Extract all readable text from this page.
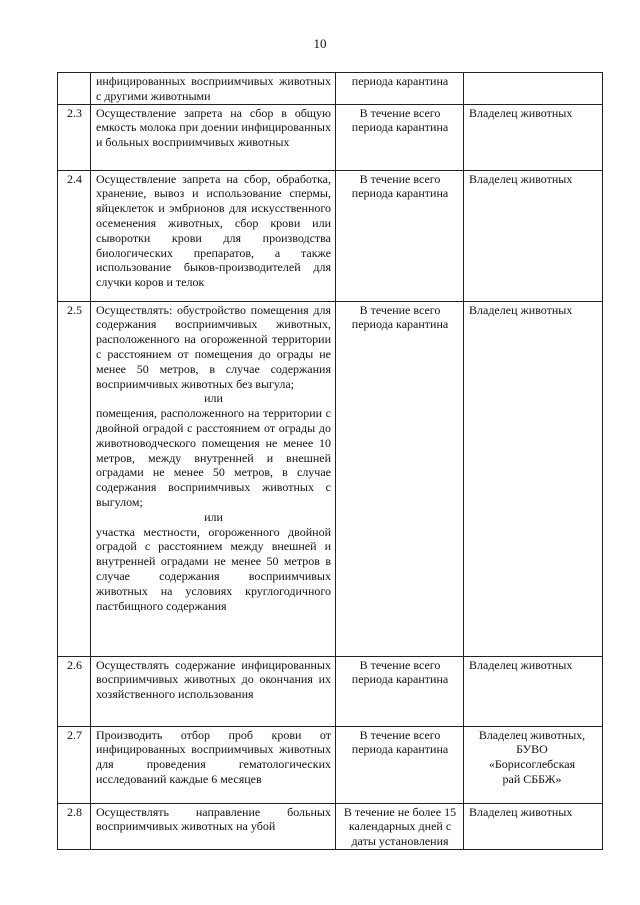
10
	инфицированных восприимчивых животных с другими животными	периода карантина	
2.3	Осуществление запрета на сбор в общую емкость молока при доении инфицированных и больных восприимчивых животных	В течение всего периода карантина	Владелец животных
2.4	Осуществление запрета на сбор, обработка, хранение, вывоз и использование спермы, яйцеклеток и эмбрионов для искусственного осеменения животных, сбор крови или сыворотки крови для производства биологических препаратов, а также использование быков-производителей для случки коров и телок	В течение всего периода карантина	Владелец животных
2.5	Осуществлять: обустройство помещения для содержания восприимчивых животных, расположенного на огороженной территории с расстоянием от помещения до ограды не менее 50 метров, в случае содержания восприимчивых животных без выгула;
или
помещения, расположенного на территории с двойной оградой с расстоянием от ограды до животноводческого помещения не менее 10 метров, между внутренней и внешней оградами не менее 50 метров, в случае содержания восприимчивых животных с выгулом;
или
участка местности, огороженного двойной оградой с расстоянием между внешней и внутренней оградами не менее 50 метров в случае содержания восприимчивых животных на условиях круглогодичного пастбищного содержания	В течение всего периода карантина	Владелец животных
2.6	Осуществлять содержание инфицированных восприимчивых животных до окончания их хозяйственного использования	В течение всего периода карантина	Владелец животных
2.7	Производить отбор проб крови от инфицированных восприимчивых животных для проведения гематологических исследований каждые 6 месяцев	В течение всего периода карантина	Владелец животных,
БУВО
«Борисоглебская
рай СББЖ»

2.8	Осуществлять направление больных восприимчивых животных на убой	В течение не более 15 календарных дней с даты установления	Владелец животных
